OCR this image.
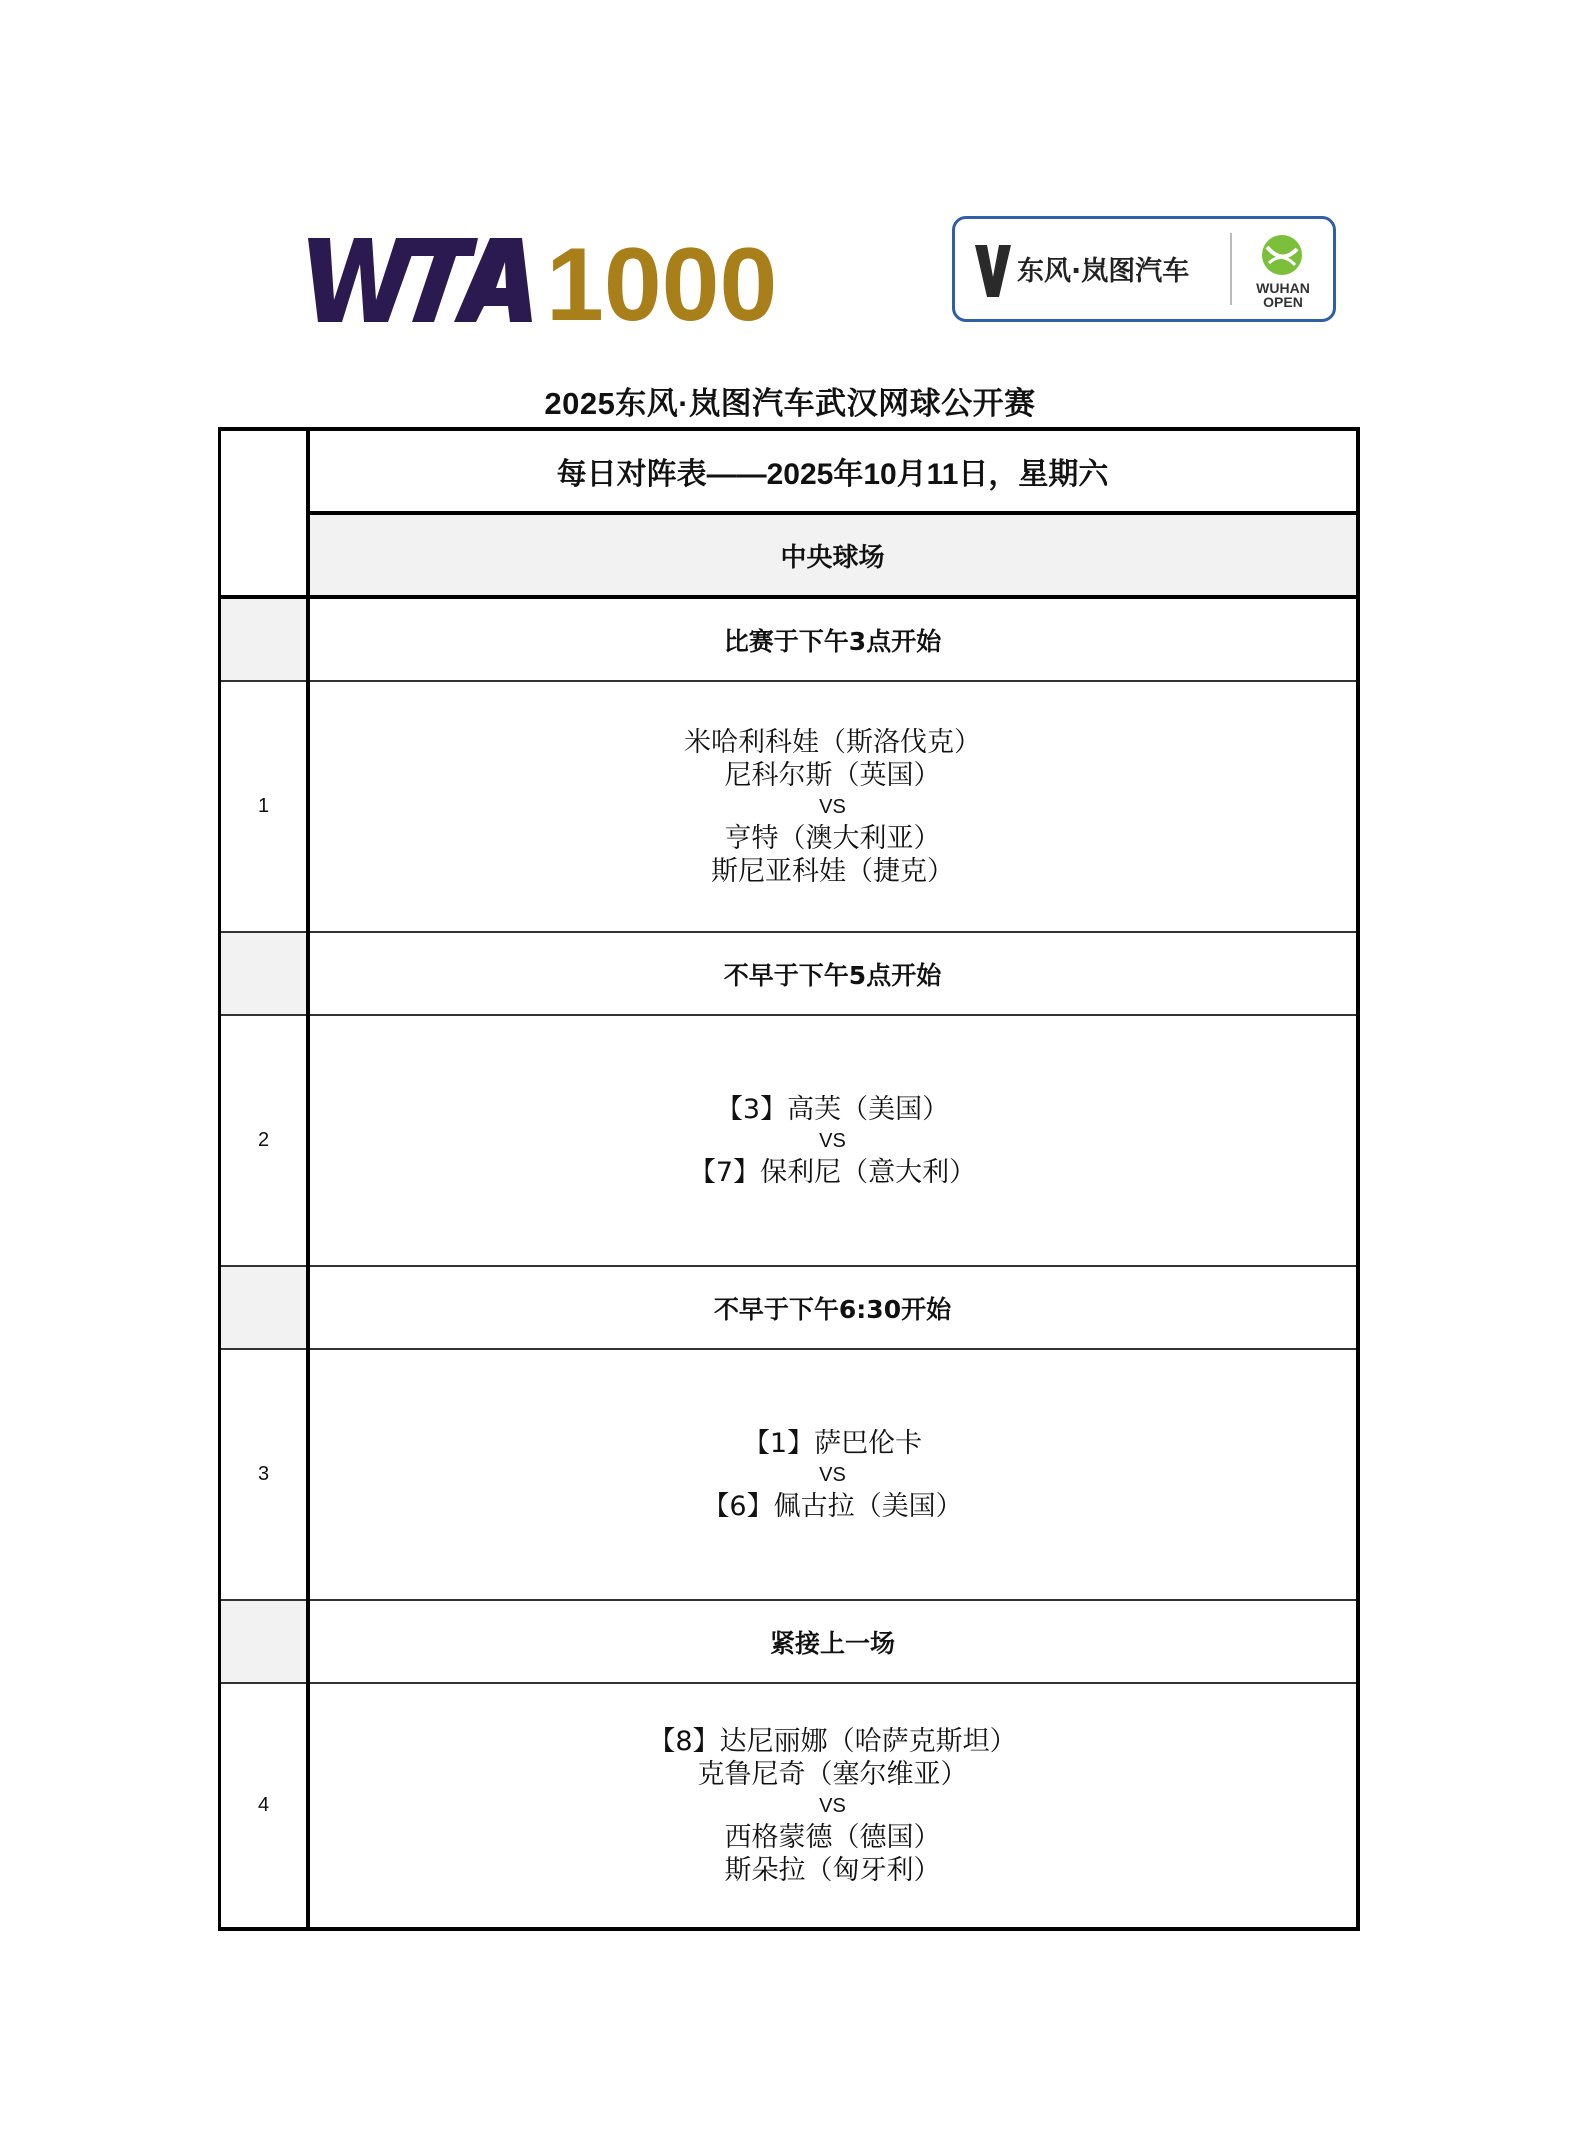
1000	东风·岚图汽车
WUHAN
OPEN
2025东风·岚图汽车武汉网球公开赛
每日对阵表——2025年10月11日，星期六
中央球场
比赛于下午3点开始
1
米哈利科娃（斯洛伐克）
尼科尔斯（英国）
VS
亨特（澳大利亚）
斯尼亚科娃（捷克）
不早于下午5点开始
2
【3】高芙（美国）
VS
【7】保利尼（意大利）
不早于下午6:30开始
3
【1】萨巴伦卡
VS
【6】佩古拉（美国）
紧接上一场
4
【8】达尼丽娜（哈萨克斯坦）
克鲁尼奇（塞尔维亚）
VS
西格蒙德（德国）
斯朵拉（匈牙利）
